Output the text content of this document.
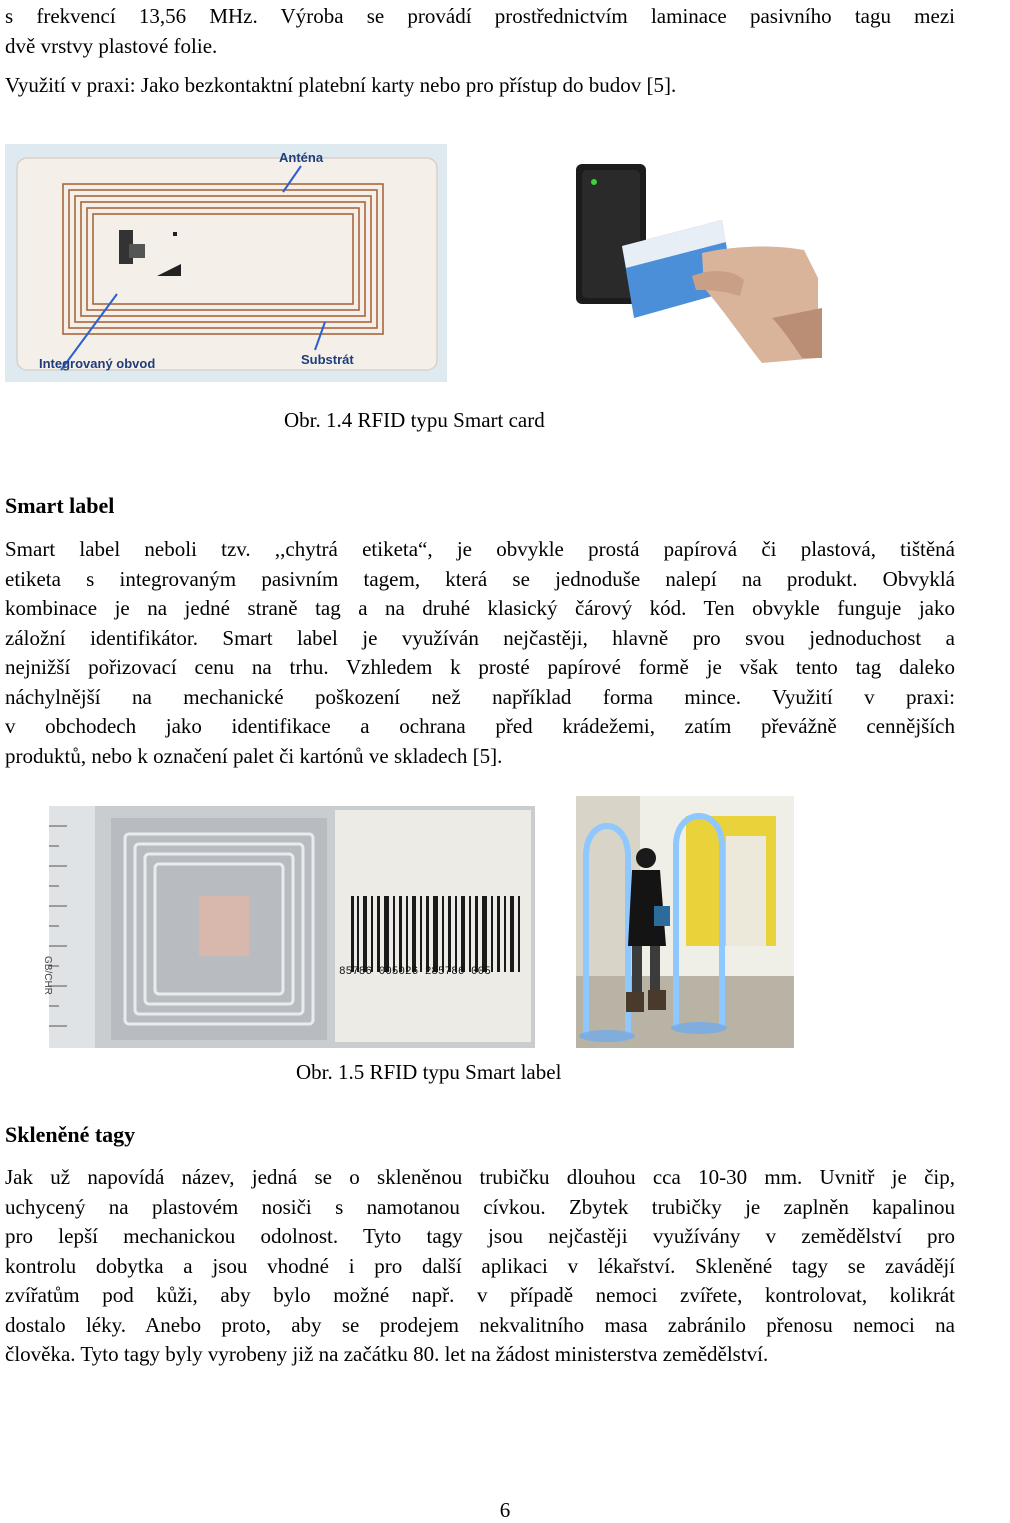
s frekvencí 13,56 MHz. Výroba se provádí prostřednictvím laminace pasivního tagu mezi
dvě vrstvy plastové folie.
Využití v praxi: Jako bezkontaktní platební karty nebo pro přístup do budov [5].
Anténa
Integrovaný obvod	Substrát

Obr. 1.4 RFID typu Smart card

Smart label
Smart label neboli tzv. ,,chytrá etiketa“, je obvykle prostá papírová či plastová, tištěná
etiketa s integrovaným pasivním tagem, která se jednoduše nalepí na produkt. Obvyklá
kombinace je na jedné straně tag a na druhé klasický čárový kód. Ten obvykle funguje jako
záložní identifikátor. Smart label je využíván nejčastěji, hlavně pro svou jednoduchost a
nejnižší pořizovací cenu na trhu. Vzhledem k prosté papírové formě je však tento tag daleko
náchylnější na mechanické poškození než například forma mince. Využití v praxi:
v obchodech jako identifikace a ochrana před krádežemi, zatím převážně cennějších
produktů, nebo k označení palet či kartónů ve skladech [5].
GB/CHR	85786 005026 285786 005

Obr. 1.5 RFID typu Smart label

Skleněné tagy
Jak už napovídá název, jedná se o skleněnou trubičku dlouhou cca 10-30 mm. Uvnitř je čip,
uchycený na plastovém nosiči s namotanou cívkou. Zbytek trubičky je zaplněn kapalinou
pro lepší mechanickou odolnost. Tyto tagy jsou nejčastěji využívány v zemědělství pro
kontrolu dobytka a jsou vhodné i pro další aplikaci v lékařství. Skleněné tagy se zavádějí
zvířatům pod kůži, aby bylo možné např. v případě nemoci zvířete, kontrolovat, kolikrát
dostalo léky. Anebo proto, aby se prodejem nekvalitního masa zabránilo přenosu nemoci na
člověka. Tyto tagy byly vyrobeny již na začátku 80. let na žádost ministerstva zemědělství.
6
